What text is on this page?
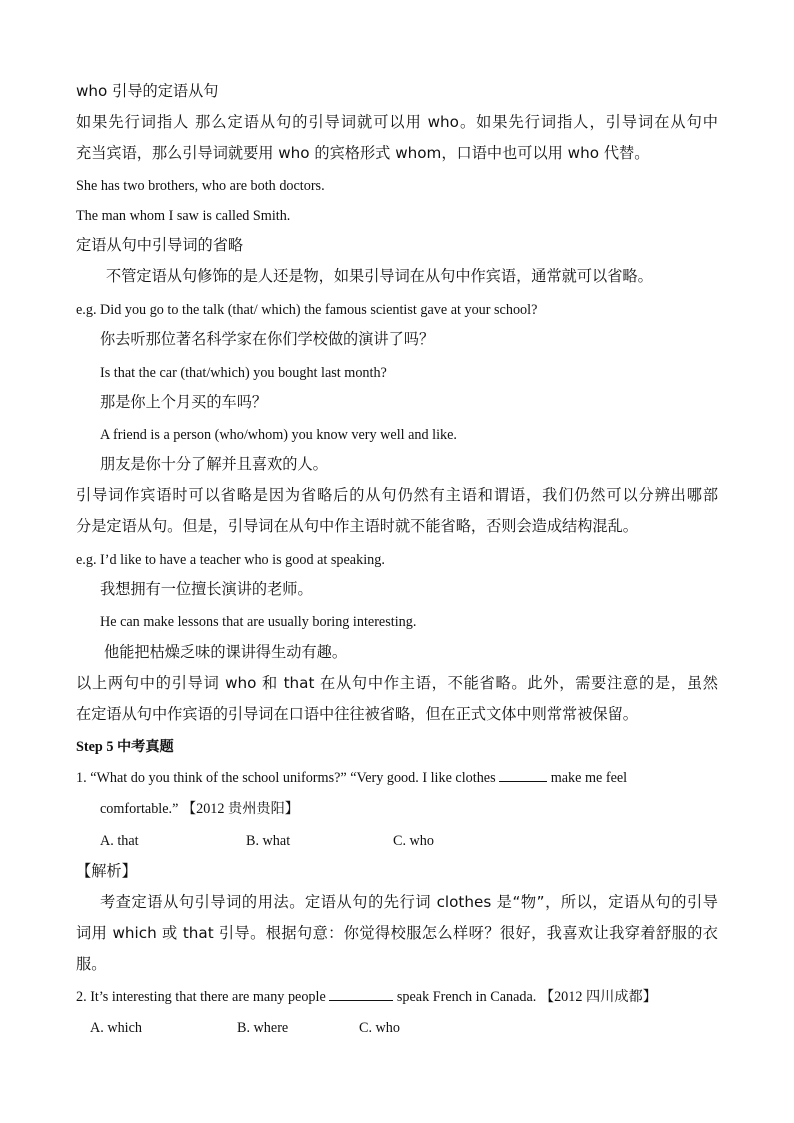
who 引导的定语从句
如果先行词指人 那么定语从句的引导词就可以用 who。如果先行词指人，引导词在从句中
充当宾语，那么引导词就要用 who 的宾格形式 whom，口语中也可以用 who 代替。
She has two brothers, who are both doctors.
The man whom I saw is called Smith.
定语从句中引导词的省略
不管定语从句修饰的是人还是物，如果引导词在从句中作宾语，通常就可以省略。
e.g. Did you go to the talk (that/ which) the famous scientist gave at your school?
你去听那位著名科学家在你们学校做的演讲了吗？
Is that the car (that/which) you bought last month?
那是你上个月买的车吗？
A friend is a person (who/whom) you know very well and like.
朋友是你十分了解并且喜欢的人。
引导词作宾语时可以省略是因为省略后的从句仍然有主语和谓语，我们仍然可以分辨出哪部
分是定语从句。但是，引导词在从句中作主语时就不能省略，否则会造成结构混乱。
e.g. I’d like to have a teacher who is good at speaking.
我想拥有一位擅长演讲的老师。
He can make lessons that are usually boring interesting.
他能把枯燥乏味的课讲得生动有趣。
以上两句中的引导词 who 和 that 在从句中作主语，不能省略。此外，需要注意的是，虽然
在定语从句中作宾语的引导词在口语中往往被省略，但在正式文体中则常常被保留。
Step 5 中考真题
1. “What do you think of the school uniforms?” “Very good. I like clothes	make me feel
comfortable.” 【2012 贵州贵阳】
A. that	B. what	C. who
【解析】
考查定语从句引导词的用法。定语从句的先行词 clothes 是“物”，所以，定语从句的引导
词用 which 或 that 引导。根据句意：你觉得校服怎么样呀？很好，我喜欢让我穿着舒服的衣
服。
2. It’s interesting that there are many people	speak French in Canada. 【2012 四川成都】
A. which	B. where	C. who
